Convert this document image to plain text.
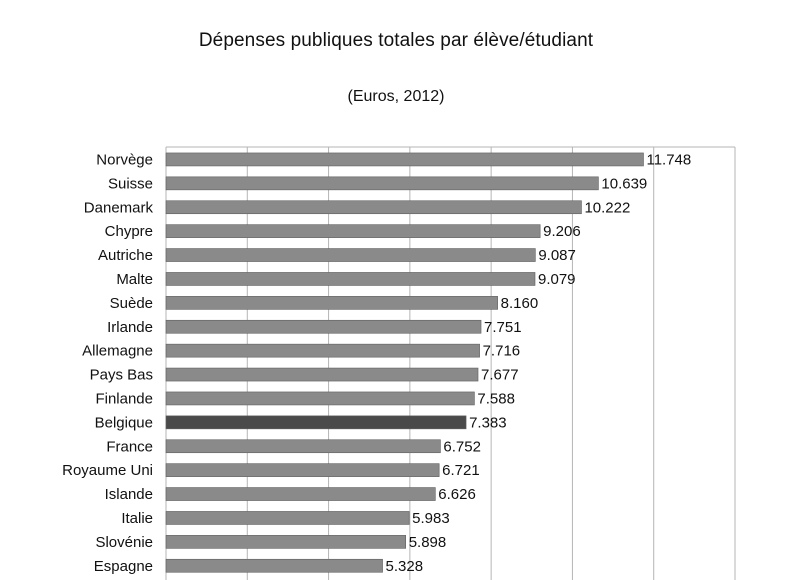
Dépenses publiques totales par élève/étudiant
(Euros, 2012)
Norvège
Suisse
Danemark
Chypre
Autriche
Malte
Suède
Irlande
Allemagne
Pays Bas
Finlande
Belgique
France
Royaume Uni
Islande
Italie
Slovénie
Espagne
11.748
10.639
10.222
9.206
9.087
9.079
8.160
7.751
7.716
7.677
7.588
7.383
6.752
6.721
6.626
5.983
5.898
5.328
